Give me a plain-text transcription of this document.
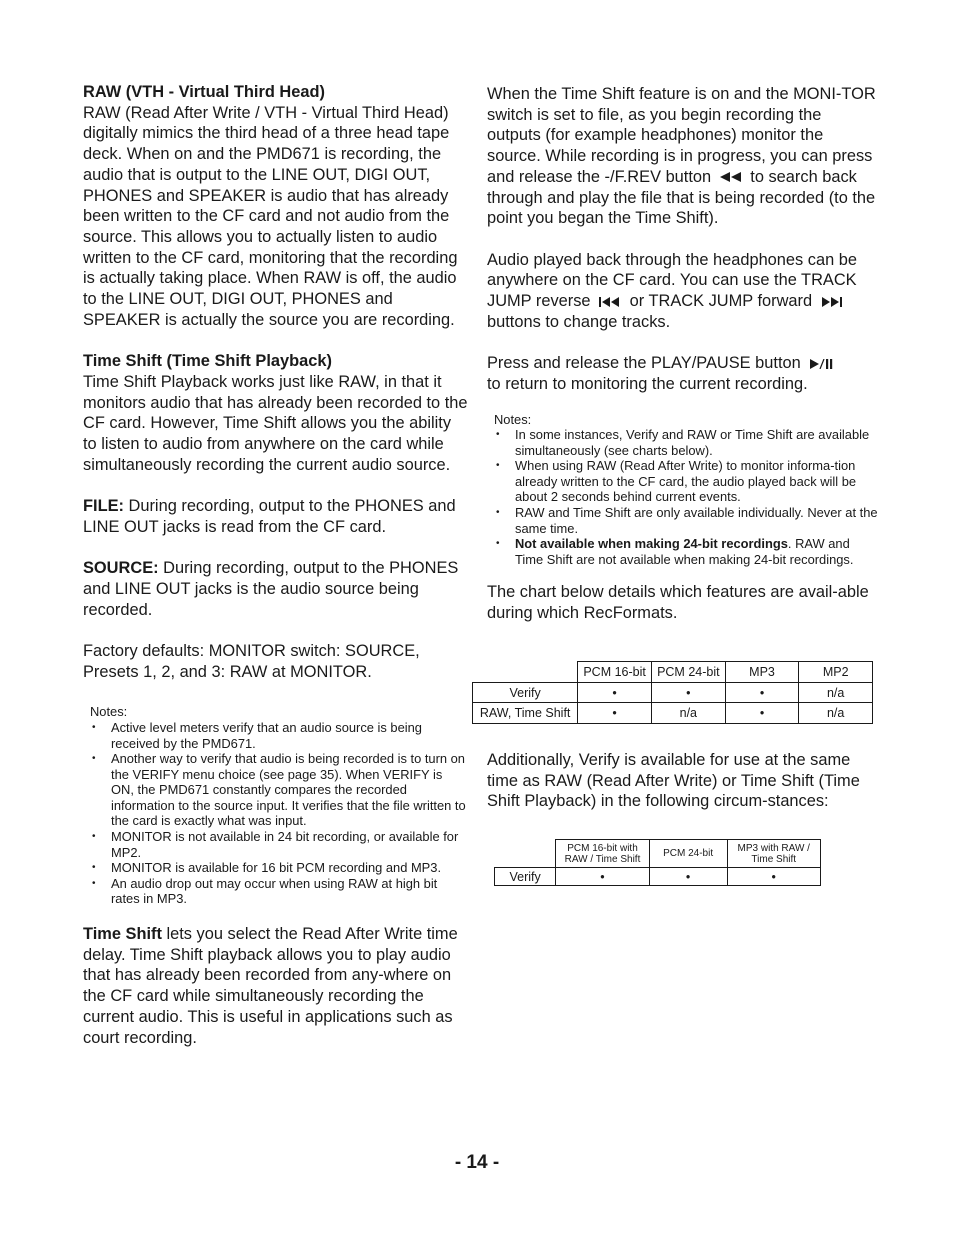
RAW (VTH - Virtual Third Head)
RAW (Read After Write / VTH - Virtual Third Head) digitally mimics the third head of a three head tape deck. When on and the PMD671 is recording, the audio that is output to the LINE OUT, DIGI OUT, PHONES and SPEAKER is audio that has already been written to the CF card and not audio from the source. This allows you to actually listen to audio written to the CF card, monitoring that the recording is actually taking place. When RAW is off, the audio to the LINE OUT, DIGI OUT, PHONES and SPEAKER is actually the source you are recording.

Time Shift (Time Shift Playback)
Time Shift Playback works just like RAW, in that it monitors audio that has already been recorded to the CF card. However, Time Shift allows you the ability to listen to audio from anywhere on the card while simultaneously recording the current audio source.

FILE: During recording, output to the PHONES and LINE OUT jacks is read from the CF card.

SOURCE: During recording, output to the PHONES and LINE OUT jacks is the audio source being recorded.

Factory defaults: MONITOR switch: SOURCE, Presets 1, 2, and 3: RAW at MONITOR.

Notes:

•
Active level meters verify that an audio source is being received by the PMD671.
•
Another way to verify that audio is being recorded is to turn on the VERIFY menu choice (see page 35). When VERIFY is ON, the PMD671 constantly compares the recorded information to the source input. It verifies that the file written to the card is exactly what was input.
•
MONITOR is not available in 24 bit recording, or available for MP2.
•
MONITOR is available for 16 bit PCM recording and MP3.
•
An audio drop out may occur when using RAW at high bit rates in MP3.

Time Shift lets you select the Read After Write time delay. Time Shift playback allows you to play audio that has already been recorded from any-where on the CF card while simultaneously recording the current audio. This is useful in applications such as court recording.

When the Time Shift feature is on and the MONI-TOR switch is set to file, as you begin recording the outputs (for example headphones) monitor the source. While recording is in progress, you can press and release the -/F.REV button to search back through and play the file that is being recorded (to the point you began the Time Shift).

Audio played back through the headphones can be anywhere on the CF card. You can use the TRACK JUMP reverse or TRACK JUMP forward  buttons to change tracks.

Press and release the PLAY/PAUSE button
to return to monitoring the current recording.

Notes:

•
In some instances, Verify and RAW or Time Shift are available simultaneously (see charts below).
•
When using RAW (Read After Write) to monitor informa-tion already written to the CF card, the audio played back will be about 2 seconds behind current events.
•
RAW and Time Shift are only available individually. Never at the same time.
•
Not available when making 24-bit recordings. RAW and Time Shift are not available when making 24-bit recordings.

The chart below details which features are avail-able during which RecFormats.

	PCM 16-bit	PCM 24-bit	MP3	MP2
Verify	•	•	•	n/a
RAW, Time Shift	•	n/a	•	n/a

Additionally, Verify is available for use at the same time as RAW (Read After Write) or Time Shift (Time Shift Playback) in the following circum-stances:

	PCM 16-bit with RAW / Time Shift	PCM 24-bit	MP3 with RAW / Time Shift
Verify	•	•	•
- 14 -
